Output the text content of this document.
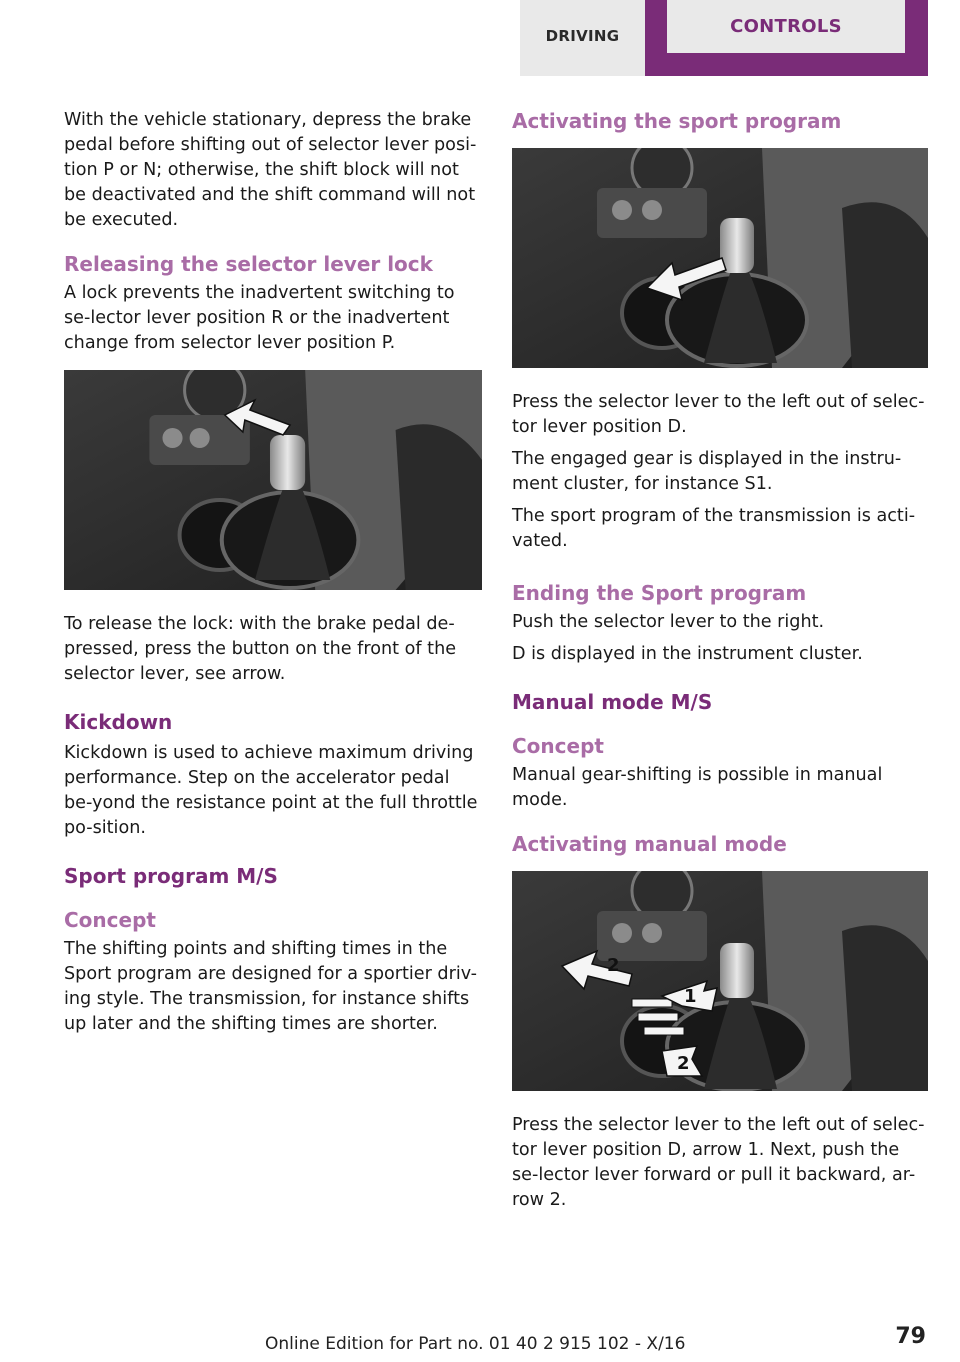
DRIVING	CONTROLS

With the vehicle stationary, depress the brake pedal before shifting out of selector lever posi-tion P or N; otherwise, the shift block will not be deactivated and the shift command will not be executed.

Releasing the selector lever lock

A lock prevents the inadvertent switching to se-lector lever position R or the inadvertent change from selector lever position P.

To release the lock: with the brake pedal de-pressed, press the button on the front of the selector lever, see arrow.

Kickdown

Kickdown is used to achieve maximum driving performance. Step on the accelerator pedal be-yond the resistance point at the full throttle po-sition.

Sport program M/S
Concept

The shifting points and shifting times in the Sport program are designed for a sportier driv-ing style. The transmission, for instance shifts up later and the shifting times are shorter.

Activating the sport program

Press the selector lever to the left out of selec-tor lever position D.

The engaged gear is displayed in the instru-ment cluster, for instance S1.

The sport program of the transmission is acti-vated.

Ending the Sport program

Push the selector lever to the right.

D is displayed in the instrument cluster.

Manual mode M/S
Concept

Manual gear-shifting is possible in manual mode.

Activating manual mode
2
1
2

Press the selector lever to the left out of selec-tor lever position D, arrow 1. Next, push the se-lector lever forward or pull it backward, ar-row 2.

Online Edition for Part no. 01 40 2 915 102 - X/16	79
